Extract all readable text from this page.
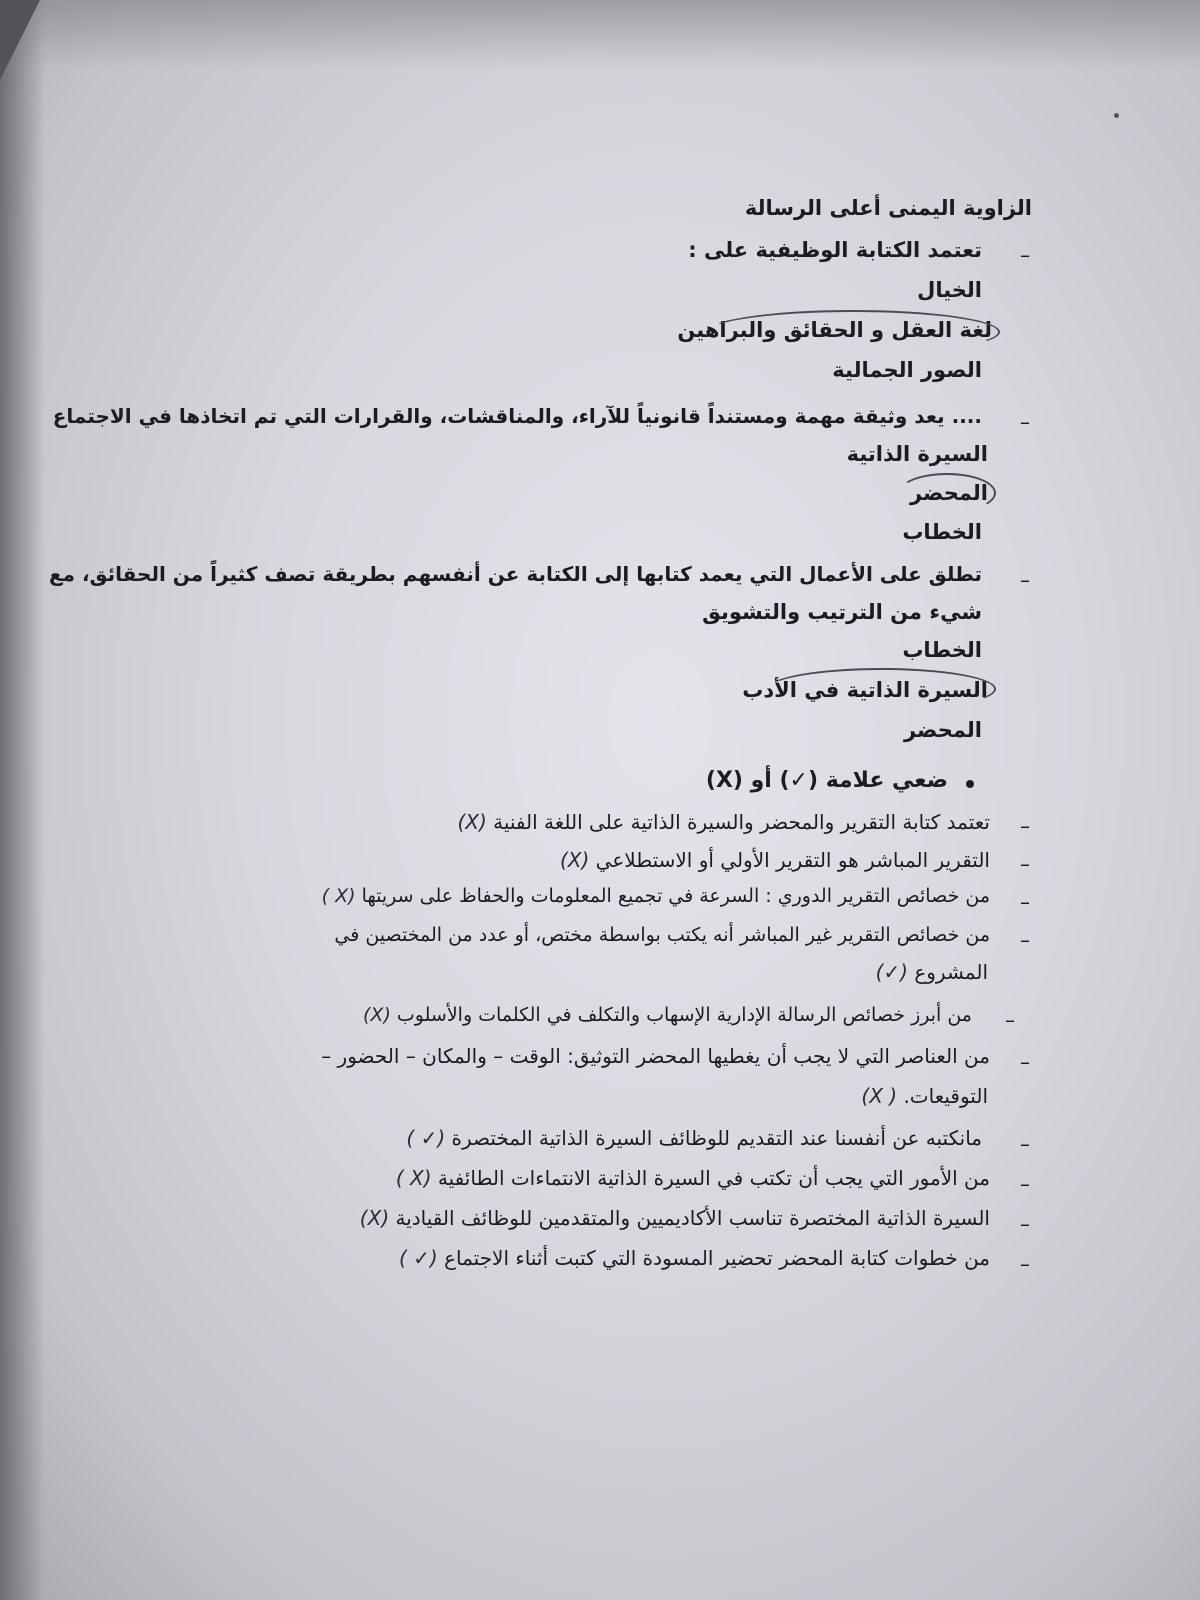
الزاوية اليمنى أعلى الرسالة
–
تعتمد الكتابة الوظيفية على :
الخيال
لغة العقل و الحقائق والبراهين
الصور الجمالية
–
.... يعد وثيقة مهمة ومستنداً قانونياً للآراء، والمناقشات، والقرارات التي تم اتخاذها في الاجتماع
السيرة الذاتية
المحضر
الخطاب
–
تطلق على الأعمال التي يعمد كتابها إلى الكتابة عن أنفسهم بطريقة تصف كثيراً من الحقائق، مع
شيء من الترتيب والتشويق
الخطاب
السيرة الذاتية في الأدب
المحضر
ضعي علامة (✓) أو (X)
–
تعتمد كتابة التقرير والمحضر والسيرة الذاتية على اللغة الفنية (X)
–
التقرير المباشر هو التقرير الأولي أو الاستطلاعي (X)
–
من خصائص التقرير الدوري : السرعة في تجميع المعلومات والحفاظ على سريتها (X )
–
من خصائص التقرير غير المباشر أنه يكتب بواسطة مختص، أو عدد من المختصين في
المشروع (✓)
–
من أبرز خصائص الرسالة الإدارية الإسهاب والتكلف في الكلمات والأسلوب (X)
–
من العناصر التي لا يجب أن يغطيها المحضر التوثيق: الوقت – والمكان – الحضور –
التوقيعات. ( X)
–
مانكتبه عن أنفسنا عند التقديم للوظائف السيرة الذاتية المختصرة (✓ )
–
من الأمور التي يجب أن تكتب في السيرة الذاتية الانتماءات الطائفية (X )
–
السيرة الذاتية المختصرة تناسب الأكاديميين والمتقدمين للوظائف القيادية (X)
–
من خطوات كتابة المحضر تحضير المسودة التي كتبت أثناء الاجتماع (✓ )
